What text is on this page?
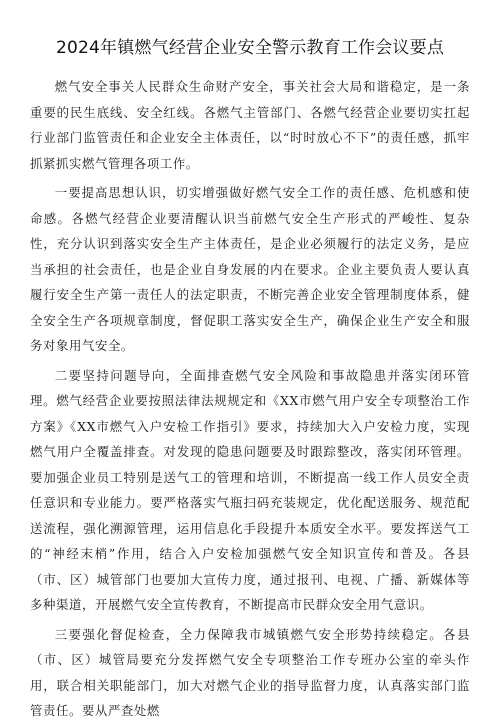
2024年镇燃气经营企业安全警示教育工作会议要点

燃气安全事关人民群众生命财产安全，事关社会大局和谐稳定，是一条重要的民生底线、安全红线。各燃气主管部门、各燃气经营企业要切实扛起行业部门监管责任和企业安全主体责任，以“时时放心不下”的责任感，抓牢抓紧抓实燃气管理各项工作。

一要提高思想认识，切实增强做好燃气安全工作的责任感、危机感和使命感。各燃气经营企业要清醒认识当前燃气安全生产形式的严峻性、复杂性，充分认识到落实安全生产主体责任，是企业必须履行的法定义务，是应当承担的社会责任，也是企业自身发展的内在要求。企业主要负责人要认真履行安全生产第一责任人的法定职责，不断完善企业安全管理制度体系，健全安全生产各项规章制度，督促职工落实安全生产，确保企业生产安全和服务对象用气安全。

二要坚持问题导向，全面排查燃气安全风险和事故隐患并落实闭环管理。燃气经营企业要按照法律法规规定和《XX市燃气用户安全专项整治工作方案》《XX市燃气入户安检工作指引》要求，持续加大入户安检力度，实现燃气用户全覆盖排查。对发现的隐患问题要及时跟踪整改，落实闭环管理。要加强企业员工特别是送气工的管理和培训，不断提高一线工作人员安全责任意识和专业能力。要严格落实气瓶扫码充装规定，优化配送服务、规范配送流程，强化溯源管理，运用信息化手段提升本质安全水平。要发挥送气工的“神经末梢”作用，结合入户安检加强燃气安全知识宣传和普及。各县（市、区）城管部门也要加大宣传力度，通过报刊、电视、广播、新媒体等多种渠道，开展燃气安全宣传教育，不断提高市民群众安全用气意识。

三要强化督促检查，全力保障我市城镇燃气安全形势持续稳定。各县（市、区）城管局要充分发挥燃气安全专项整治工作专班办公室的牵头作用，联合相关职能部门，加大对燃气企业的指导监督力度，认真落实部门监管责任。要从严查处燃
